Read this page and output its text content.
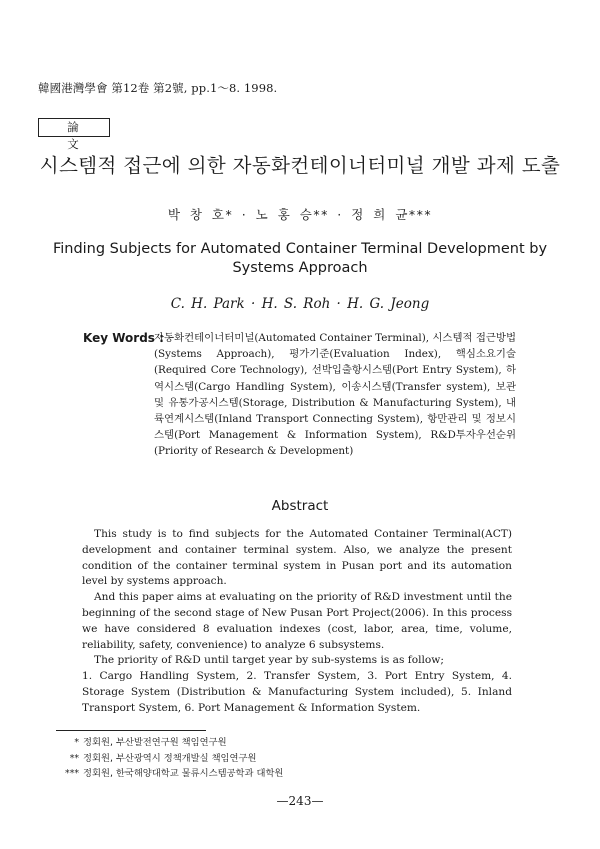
韓國港灣學會 第12卷 第2號, pp.1～8. 1998.
論 文
시스템적 접근에 의한 자동화컨테이너터미널 개발 과제 도출
박 창 호* · 노 홍 승** · 정 희 균***
Finding Subjects for Automated Container Terminal Development by Systems Approach
C. H. Park · H. S. Roh · H. G. Jeong
Key Words :
자동화컨테이너터미널(Automated Container Terminal), 시스템적 접근방법(Systems Approach), 평가기준(Evaluation Index), 핵심소요기술(Required Core Technology), 선박입출항시스템(Port Entry System), 하역시스템(Cargo Handling System), 이송시스템(Transfer system), 보관 및 유통가공시스템(Storage, Distribution & Manufacturing System), 내륙연계시스템(Inland Transport Connecting System), 항만관리 및 정보시스템(Port Management & Information System), R&D투자우선순위(Priority of Research & Development)
Abstract

This study is to find subjects for the Automated Container Terminal(ACT) development and container terminal system. Also, we analyze the present condition of the container terminal system in Pusan port and its automation level by systems approach.

And this paper aims at evaluating on the priority of R&D investment until the beginning of the second stage of New Pusan Port Project(2006). In this process we have considered 8 evaluation indexes (cost, labor, area, time, volume, reliability, safety, convenience) to analyze 6 subsystems.

The priority of R&D until target year by sub-systems is as follow;

1. Cargo Handling System, 2. Transfer System, 3. Port Entry System, 4. Storage System (Distribution & Manufacturing System included), 5. Inland Transport System, 6. Port Management & Information System.

* 정회원, 부산발전연구원 책임연구원
** 정회원, 부산광역시 정책개발실 책임연구원
*** 정회원, 한국해양대학교 물류시스템공학과 대학원
—243—
